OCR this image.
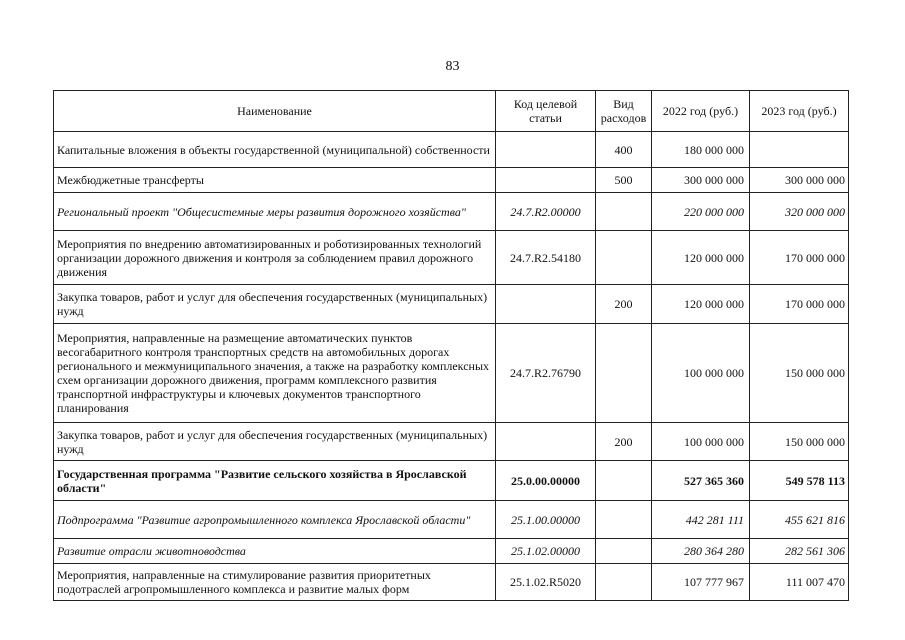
83
Наименование	Код целевой статьи	Вид расходов	2022 год (руб.)	2023 год (руб.)
Капитальные вложения в объекты государственной (муниципальной) собственности		400	180 000 000	
Межбюджетные трансферты		500	300 000 000	300 000 000
Региональный проект "Общесистемные меры развития дорожного хозяйства"	24.7.R2.00000		220 000 000	320 000 000
Мероприятия по внедрению автоматизированных и роботизированных технологий организации дорожного движения и контроля за соблюдением правил дорожного движения	24.7.R2.54180		120 000 000	170 000 000
Закупка товаров, работ и услуг для обеспечения государственных (муниципальных) нужд		200	120 000 000	170 000 000
Мероприятия, направленные на размещение автоматических пунктов весогабаритного контроля транспортных средств на автомобильных дорогах регионального и межмуниципального значения, а также на разработку комплексных схем организации дорожного движения, программ комплексного развития транспортной инфраструктуры и ключевых документов транспортного планирования	24.7.R2.76790		100 000 000	150 000 000
Закупка товаров, работ и услуг для обеспечения государственных (муниципальных) нужд		200	100 000 000	150 000 000
Государственная программа "Развитие сельского хозяйства в Ярославской области"	25.0.00.00000		527 365 360	549 578 113
Подпрограмма "Развитие агропромышленного комплекса Ярославской области"	25.1.00.00000		442 281 111	455 621 816
Развитие отрасли животноводства	25.1.02.00000		280 364 280	282 561 306
Мероприятия, направленные на стимулирование развития приоритетных подотраслей агропромышленного комплекса и развитие малых форм	25.1.02.R5020		107 777 967	111 007 470
